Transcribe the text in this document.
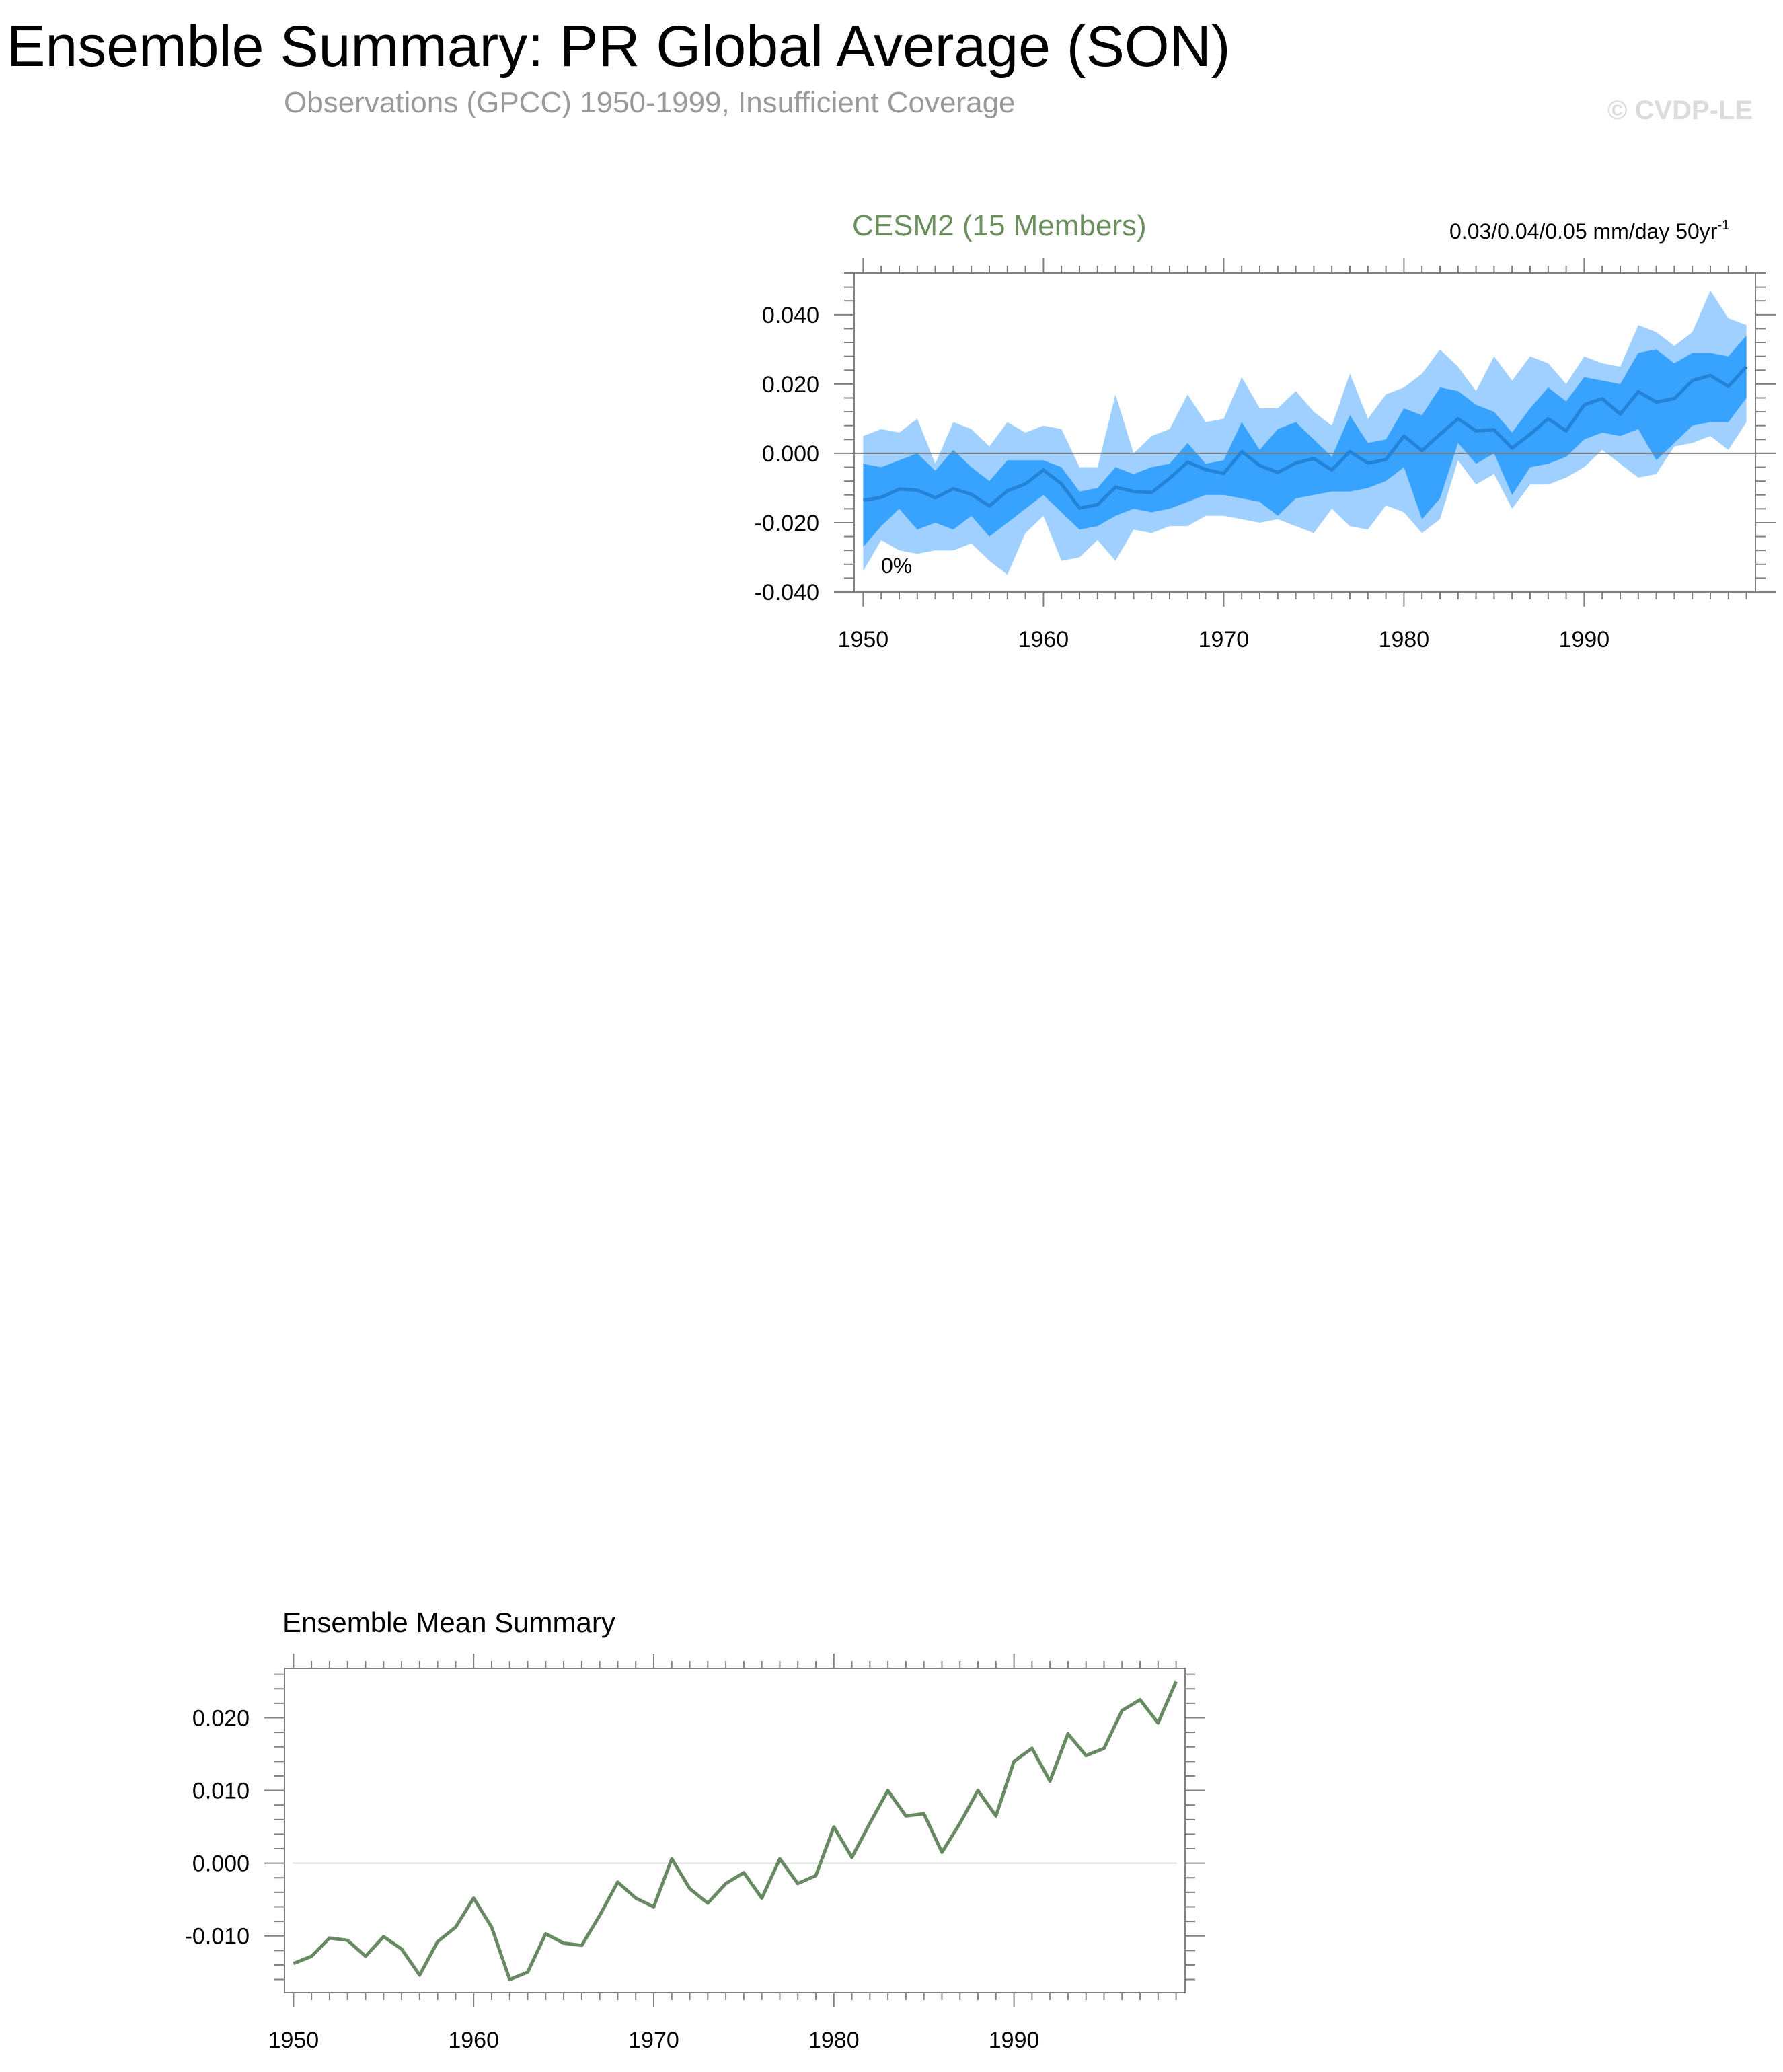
Ensemble Summary: PR Global Average (SON)
Observations (GPCC) 1950-1999, Insufficient Coverage	© CVDP-LE
CESM2 (15 Members)	0.03/0.04/0.05 mm/day $50yr^{-1}$
0.040
0.020
0.000
-0.020
-0.040
1950	1960	1970	1980	1990
0%
Ensemble Mean Summary
0.020
0.010
0.000
-0.010
1950	1960	1970	1980	1990
